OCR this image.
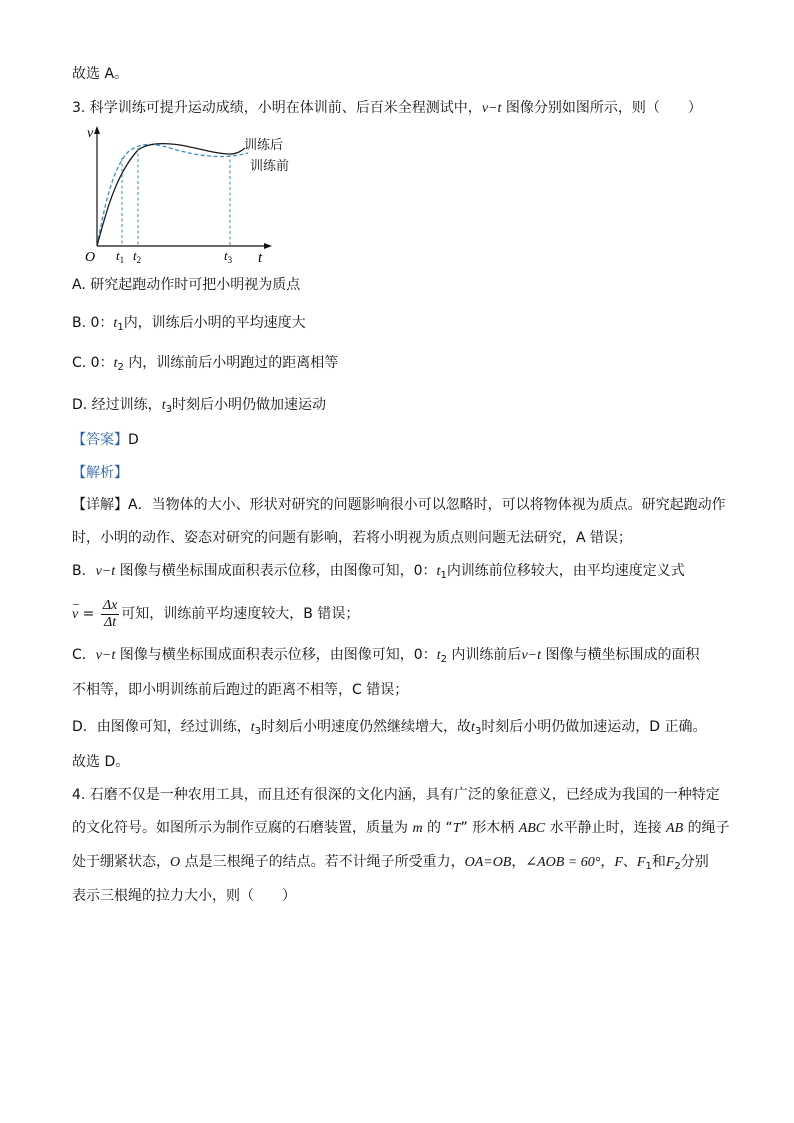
故选 A。
3. 科学训练可提升运动成绩，小明在体训前、后百米全程测试中，v−t 图像分别如图所示，则（　　）
v
t
O $t_1$ $t_2$	$t_3$
训练后
训练前
A. 研究起跑动作时可把小明视为质点
B. 0：$t_1$内，训练后小明的平均速度大
C. 0：$t_2$ 内，训练前后小明跑过的距离相等
D. 经过训练，$t_3$时刻后小明仍做加速运动
【答案】D
【解析】
【详解】A．当物体的大小、形状对研究的问题影响很小可以忽略时，可以将物体视为质点。研究起跑动作
时，小明的动作、姿态对研究的问题有影响，若将小明视为质点则问题无法研究，A 错误；
B．v−t 图像与横坐标围成面积表示位移，由图像可知，0：$t_1$内训练前位移较大，由平均速度定义式
– $v = \frac{\Delta x}{\Delta t}$ 可知，训练前平均速度较大，B 错误；
C．v−t 图像与横坐标围成面积表示位移，由图像可知，0：$t_2$ 内训练前后v−t 图像与横坐标围成的面积
不相等，即小明训练前后跑过的距离不相等，C 错误；
D．由图像可知，经过训练，$t_3$时刻后小明速度仍然继续增大，故$t_3$时刻后小明仍做加速运动，D 正确。
故选 D。
4. 石磨不仅是一种农用工具，而且还有很深的文化内涵，具有广泛的象征意义，已经成为我国的一种特定
的文化符号。如图所示为制作豆腐的石磨装置，质量为 m 的 “T” 形木柄 ABC 水平静止时，连接 AB 的绳子
处于绷紧状态，O 点是三根绳子的结点。若不计绳子所受重力，OA=OB，∠AOB = 60°，F、$F_1$和$F_2$分别
表示三根绳的拉力大小，则（　　）
